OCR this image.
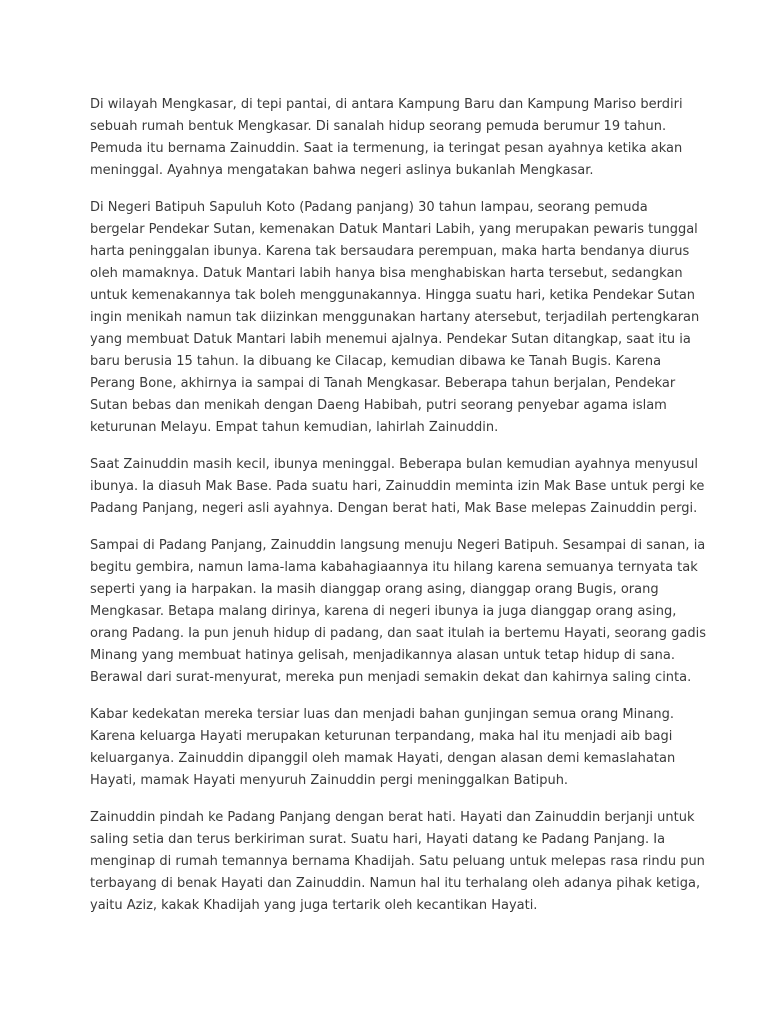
Di wilayah Mengkasar, di tepi pantai, di antara Kampung Baru dan Kampung Mariso berdiri sebuah rumah bentuk Mengkasar. Di sanalah hidup seorang pemuda berumur 19 tahun. Pemuda itu bernama Zainuddin. Saat ia termenung, ia teringat pesan ayahnya ketika akan meninggal. Ayahnya mengatakan bahwa negeri aslinya bukanlah Mengkasar.

Di Negeri Batipuh Sapuluh Koto (Padang panjang) 30 tahun lampau, seorang pemuda bergelar Pendekar Sutan, kemenakan Datuk Mantari Labih, yang merupakan pewaris tunggal harta peninggalan ibunya. Karena tak bersaudara perempuan, maka harta bendanya diurus oleh mamaknya. Datuk Mantari labih hanya bisa menghabiskan harta tersebut, sedangkan untuk kemenakannya tak boleh menggunakannya. Hingga suatu hari, ketika Pendekar Sutan ingin menikah namun tak diizinkan menggunakan hartany atersebut, terjadilah pertengkaran yang membuat Datuk Mantari labih menemui ajalnya. Pendekar Sutan ditangkap, saat itu ia baru berusia 15 tahun. Ia dibuang ke Cilacap, kemudian dibawa ke Tanah Bugis. Karena Perang Bone, akhirnya ia sampai di Tanah Mengkasar. Beberapa tahun berjalan, Pendekar Sutan bebas dan menikah dengan Daeng Habibah, putri seorang penyebar agama islam keturunan Melayu. Empat tahun kemudian, lahirlah Zainuddin.

Saat Zainuddin masih kecil, ibunya meninggal. Beberapa bulan kemudian ayahnya menyusul ibunya. Ia diasuh Mak Base. Pada suatu hari, Zainuddin meminta izin Mak Base untuk pergi ke Padang Panjang, negeri asli ayahnya. Dengan berat hati, Mak Base melepas Zainuddin pergi.

Sampai di Padang Panjang, Zainuddin langsung menuju Negeri Batipuh. Sesampai di sanan, ia begitu gembira, namun lama-lama kabahagiaannya itu hilang karena semuanya ternyata tak seperti yang ia harpakan. Ia masih dianggap orang asing, dianggap orang Bugis, orang Mengkasar. Betapa malang dirinya, karena di negeri ibunya ia juga dianggap orang asing, orang Padang. Ia pun jenuh hidup di padang, dan saat itulah ia bertemu Hayati, seorang gadis Minang yang membuat hatinya gelisah, menjadikannya alasan untuk tetap hidup di sana. Berawal dari surat-menyurat, mereka pun menjadi semakin dekat dan kahirnya saling cinta.

Kabar kedekatan mereka tersiar luas dan menjadi bahan gunjingan semua orang Minang. Karena keluarga Hayati merupakan keturunan terpandang, maka hal itu menjadi aib bagi keluarganya. Zainuddin dipanggil oleh mamak Hayati, dengan alasan demi kemaslahatan Hayati, mamak Hayati menyuruh Zainuddin pergi meninggalkan Batipuh.

Zainuddin pindah ke Padang Panjang dengan berat hati. Hayati dan Zainuddin berjanji untuk saling setia dan terus berkiriman surat. Suatu hari, Hayati datang ke Padang Panjang. Ia menginap di rumah temannya bernama Khadijah. Satu peluang untuk melepas rasa rindu pun terbayang di benak Hayati dan Zainuddin. Namun hal itu terhalang oleh adanya pihak ketiga, yaitu Aziz, kakak Khadijah yang juga tertarik oleh kecantikan Hayati.
